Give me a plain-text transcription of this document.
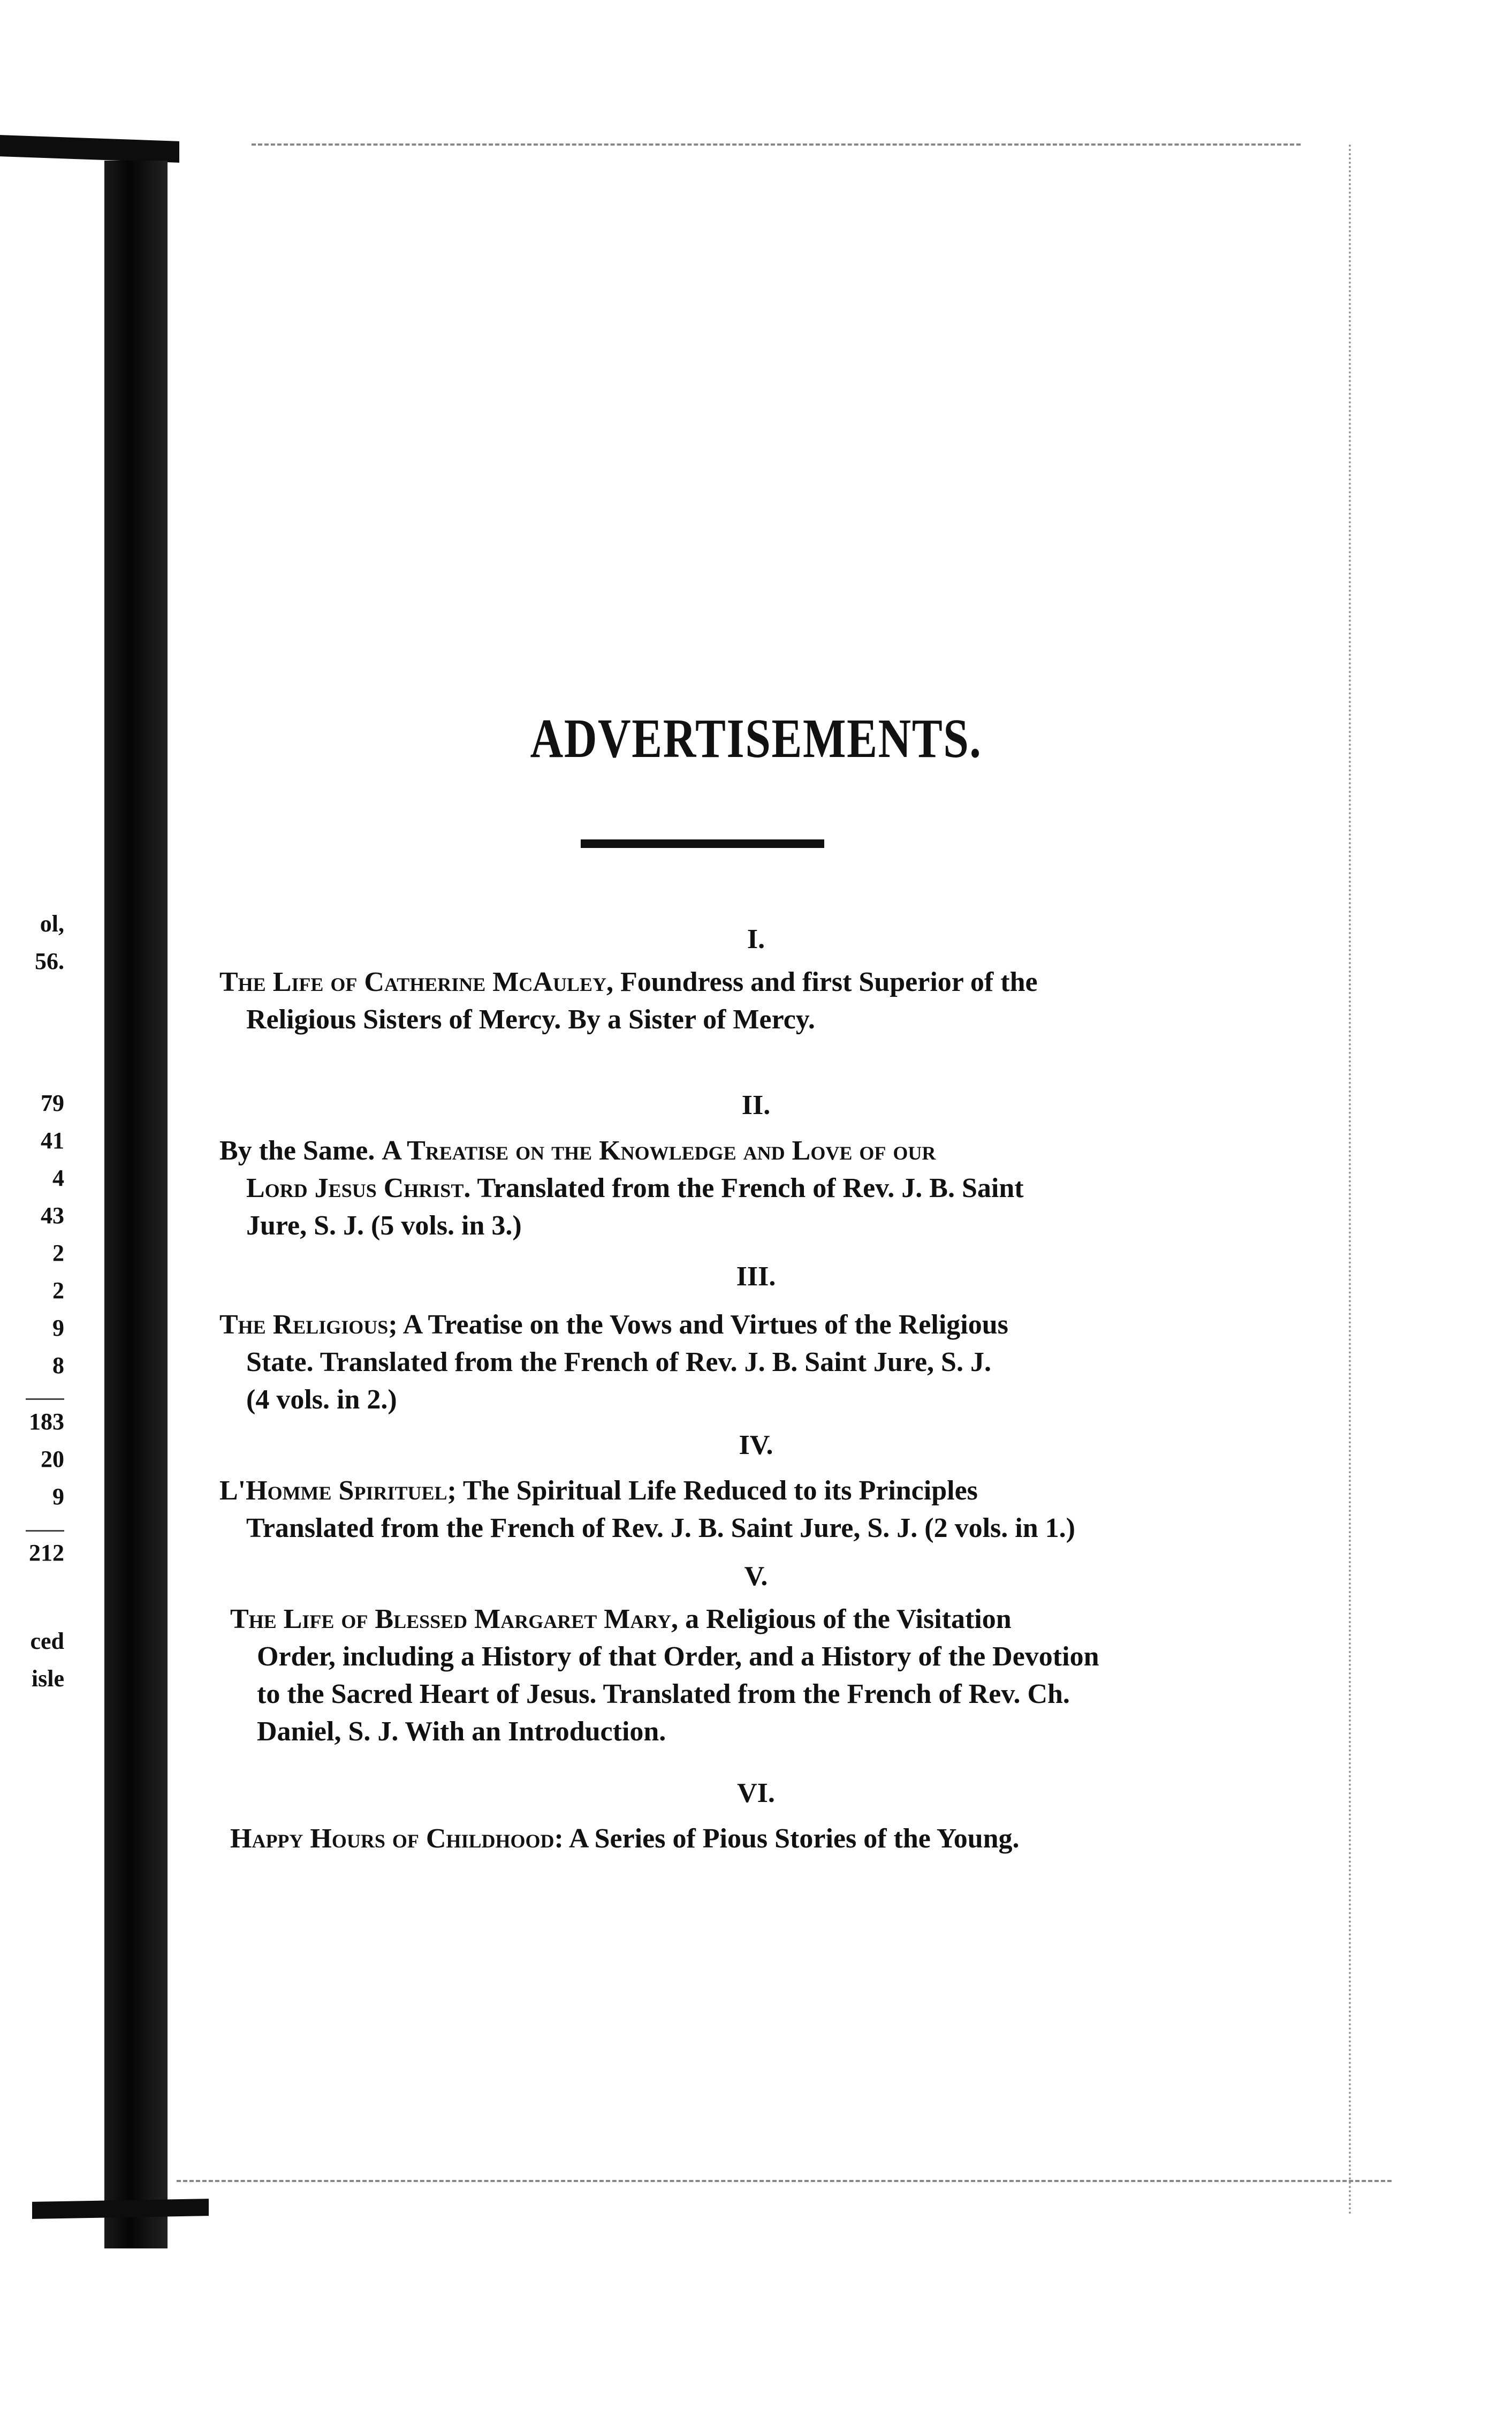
ol,
56.
79
41
4
43
2
2
9
8
183
20
9
212
ced
isle
ADVERTISEMENTS.
I.

The Life of Catherine McAuley, Foundress and first Superior of the

Religious Sisters of Mercy. By a Sister of Mercy.

II.

By the Same. A Treatise on the Knowledge and Love of our

Lord Jesus Christ. Translated from the French of Rev. J. B. Saint

Jure, S. J. (5 vols. in 3.)

III.

The Religious; A Treatise on the Vows and Virtues of the Religious

State. Translated from the French of Rev. J. B. Saint Jure, S. J.

(4 vols. in 2.)

IV.

L'Homme Spirituel; The Spiritual Life Reduced to its Principles

Translated from the French of Rev. J. B. Saint Jure, S. J. (2 vols. in 1.)

V.

The Life of Blessed Margaret Mary, a Religious of the Visitation

Order, including a History of that Order, and a History of the Devotion

to the Sacred Heart of Jesus. Translated from the French of Rev. Ch.

Daniel, S. J. With an Introduction.

VI.

Happy Hours of Childhood: A Series of Pious Stories of the Young.
